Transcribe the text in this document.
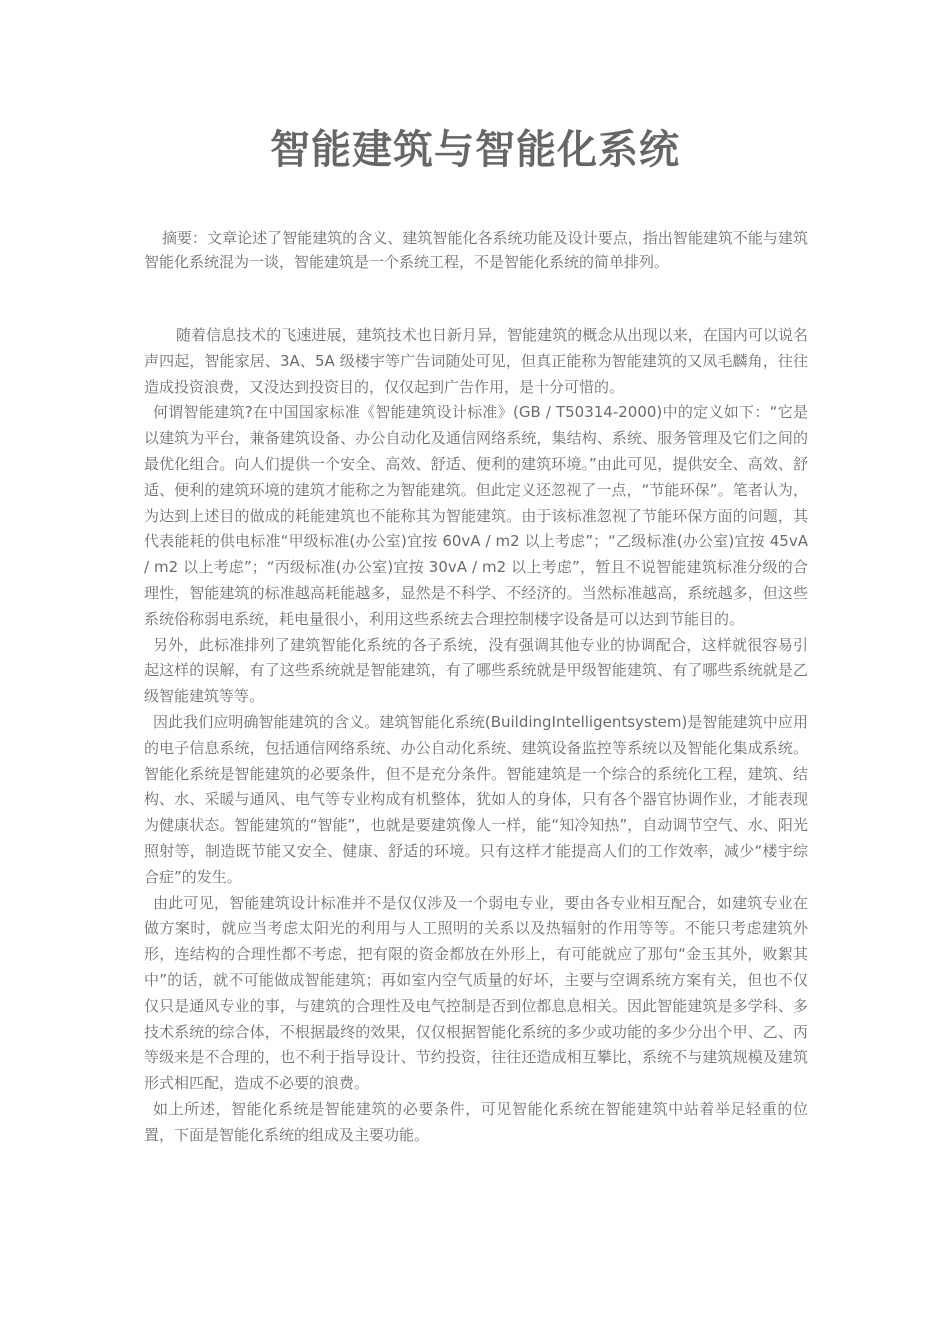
智能建筑与智能化系统

摘要：文章论述了智能建筑的含义、建筑智能化各系统功能及设计要点，指出智能建筑不能与建筑智能化系统混为一谈，智能建筑是一个系统工程，不是智能化系统的简单排列。

随着信息技术的飞速进展，建筑技术也日新月异，智能建筑的概念从出现以来，在国内可以说名声四起，智能家居、3A、5A 级楼宇等广告词随处可见，但真正能称为智能建筑的又凤毛麟角，往往造成投资浪费，又没达到投资目的，仅仅起到广告作用，是十分可惜的。

何谓智能建筑?在中国国家标准《智能建筑设计标准》(GB / T50314-2000)中的定义如下：“它是以建筑为平台，兼备建筑设备、办公自动化及通信网络系统，集结构、系统、服务管理及它们之间的最优化组合。向人们提供一个安全、高效、舒适、便利的建筑环境。”由此可见，提供安全、高效、舒适、便利的建筑环境的建筑才能称之为智能建筑。但此定义还忽视了一点，“节能环保”。笔者认为，为达到上述目的做成的耗能建筑也不能称其为智能建筑。由于该标准忽视了节能环保方面的问题，其代表能耗的供电标准“甲级标准(办公室)宜按 60vA / m2 以上考虑”；“乙级标准(办公室)宜按 45vA / m2 以上考虑”；“丙级标准(办公室)宜按 30vA / m2 以上考虑”，暂且不说智能建筑标准分级的合理性，智能建筑的标准越高耗能越多，显然是不科学、不经济的。当然标准越高，系统越多，但这些系统俗称弱电系统，耗电量很小，利用这些系统去合理控制楼字设备是可以达到节能目的。

另外，此标准排列了建筑智能化系统的各子系统，没有强调其他专业的协调配合，这样就很容易引起这样的误解，有了这些系统就是智能建筑，有了哪些系统就是甲级智能建筑、有了哪些系统就是乙级智能建筑等等。

因此我们应明确智能建筑的含义。建筑智能化系统(BuildingIntelligentsystem)是智能建筑中应用的电子信息系统，包括通信网络系统、办公自动化系统、建筑设备监控等系统以及智能化集成系统。智能化系统是智能建筑的必要条件，但不是充分条件。智能建筑是一个综合的系统化工程，建筑、结构、水、采暖与通风、电气等专业构成有机整体，犹如人的身体，只有各个器官协调作业，才能表现为健康状态。智能建筑的“智能”，也就是要建筑像人一样，能“知冷知热”，自动调节空气、水、阳光照射等，制造既节能又安全、健康、舒适的环境。只有这样才能提高人们的工作效率，减少“楼宇综合症”的发生。

由此可见，智能建筑设计标准并不是仅仅涉及一个弱电专业，要由各专业相互配合，如建筑专业在做方案时，就应当考虑太阳光的利用与人工照明的关系以及热辐射的作用等等。不能只考虑建筑外形，连结构的合理性都不考虑，把有限的资金都放在外形上，有可能就应了那句“金玉其外，败絮其中”的话，就不可能做成智能建筑；再如室内空气质量的好坏，主要与空调系统方案有关，但也不仅仅只是通风专业的事，与建筑的合理性及电气控制是否到位都息息相关。因此智能建筑是多学科、多技术系统的综合体，不根据最终的效果，仅仅根据智能化系统的多少或功能的多少分出个甲、乙、丙等级来是不合理的，也不利于指导设计、节约投资，往往还造成相互攀比，系统不与建筑规模及建筑形式相匹配，造成不必要的浪费。

如上所述，智能化系统是智能建筑的必要条件，可见智能化系统在智能建筑中站着举足轻重的位置，下面是智能化系统的组成及主要功能。
